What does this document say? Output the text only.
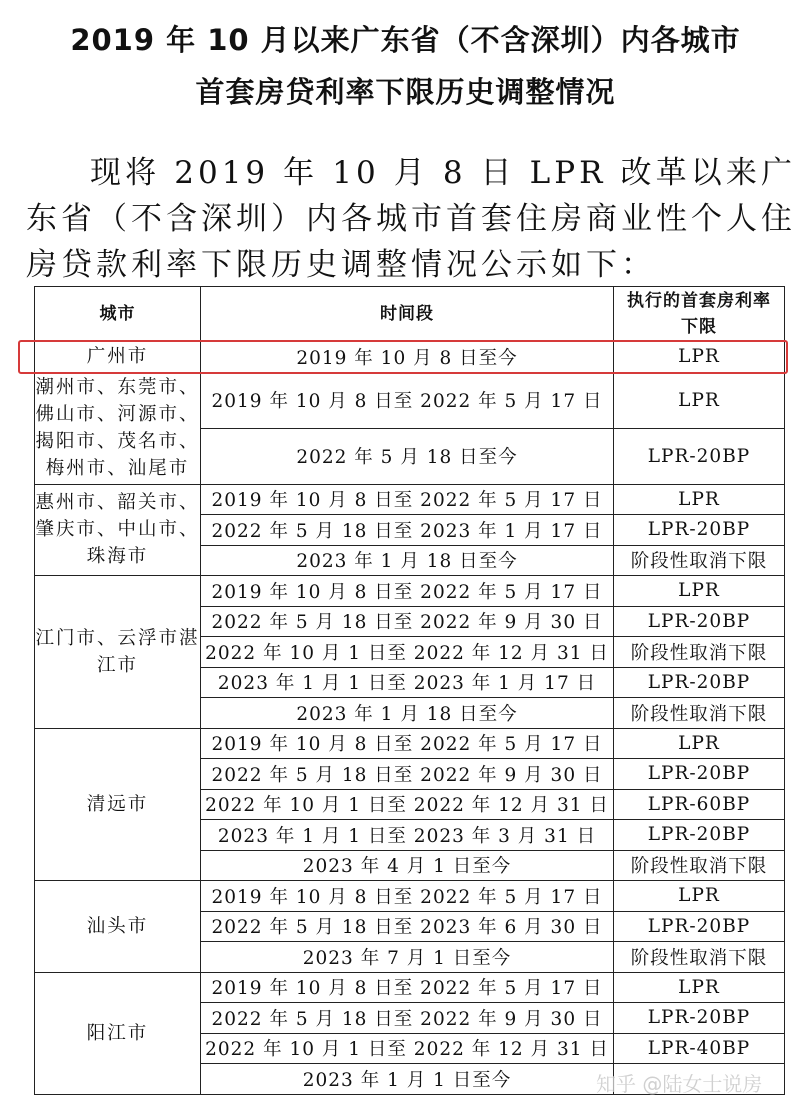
2019 年 10 月以来广东省（不含深圳）内各城市
首套房贷利率下限历史调整情况
现将 2019 年 10 月 8 日 LPR 改革以来广东省（不含深圳）内各城市首套住房商业性个人住房贷款利率下限历史调整情况公示如下：
城市	时间段	执行的首套房利率下限
广州市	2019 年 10 月 8 日至今	LPR
潮州市、东莞市、佛山市、河源市、揭阳市、茂名市、梅州市、汕尾市	2019 年 10 月 8 日至 2022 年 5 月 17 日	LPR
	2022 年 5 月 18 日至今	LPR-20BP
惠州市、韶关市、肇庆市、中山市、珠海市	2019 年 10 月 8 日至 2022 年 5 月 17 日	LPR
	2022 年 5 月 18 日至 2023 年 1 月 17 日	LPR-20BP
	2023 年 1 月 18 日至今	阶段性取消下限
江门市、云浮市湛江市	2019 年 10 月 8 日至 2022 年 5 月 17 日	LPR
	2022 年 5 月 18 日至 2022 年 9 月 30 日	LPR-20BP
	2022 年 10 月 1 日至 2022 年 12 月 31 日	阶段性取消下限
	2023 年 1 月 1 日至 2023 年 1 月 17 日	LPR-20BP
	2023 年 1 月 18 日至今	阶段性取消下限
清远市	2019 年 10 月 8 日至 2022 年 5 月 17 日	LPR
	2022 年 5 月 18 日至 2022 年 9 月 30 日	LPR-20BP
	2022 年 10 月 1 日至 2022 年 12 月 31 日	LPR-60BP
	2023 年 1 月 1 日至 2023 年 3 月 31 日	LPR-20BP
	2023 年 4 月 1 日至今	阶段性取消下限
汕头市	2019 年 10 月 8 日至 2022 年 5 月 17 日	LPR
	2022 年 5 月 18 日至 2023 年 6 月 30 日	LPR-20BP
	2023 年 7 月 1 日至今	阶段性取消下限
阳江市	2019 年 10 月 8 日至 2022 年 5 月 17 日	LPR
	2022 年 5 月 18 日至 2022 年 9 月 30 日	LPR-20BP
	2022 年 10 月 1 日至 2022 年 12 月 31 日	LPR-40BP
	2023 年 1 月 1 日至今		知乎 @陆女士说房
